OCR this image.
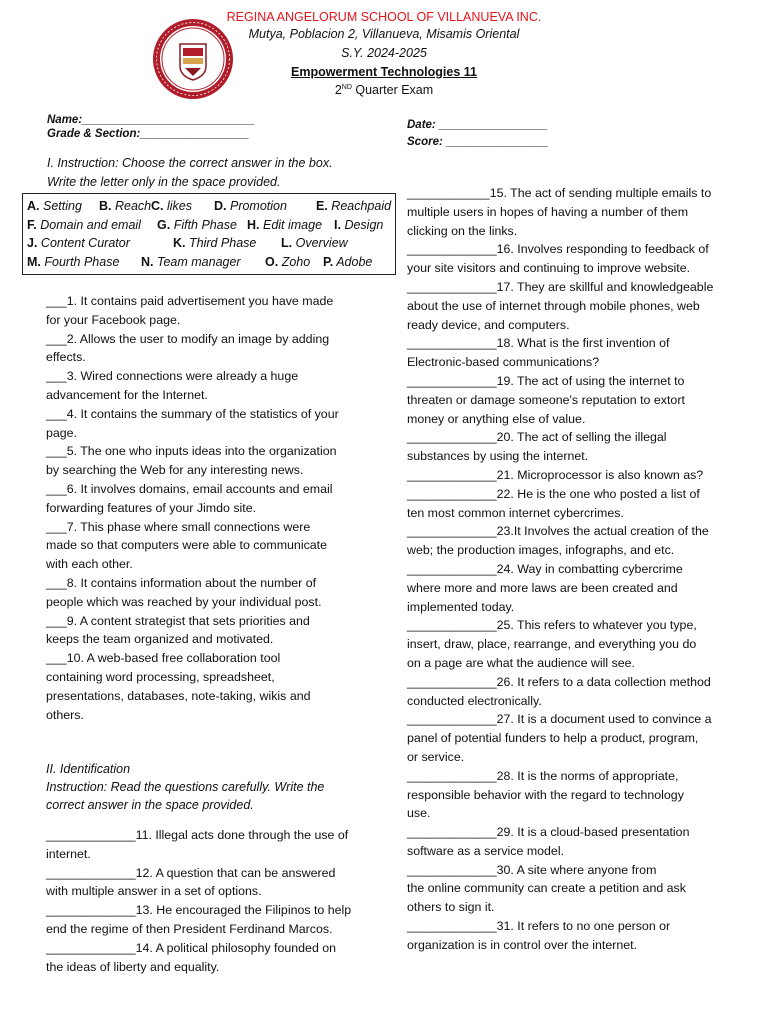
REGINA ANGELORUM SCHOOL OF VILLANUEVA INC.
Mutya, Poblacion 2, Villanueva, Misamis Oriental
S.Y. 2024-2025
Empowerment Technologies 11
2ND Quarter Exam
Name:___________________________
Grade & Section:_________________
Date: _________________
Score: ________________
I. Instruction: Choose the correct answer in the box.
Write the letter only in the space provided.
A. Setting B. Reach C. likes D. Promotion E. Reachpaid
F. Domain and email G. Fifth Phase H. Edit image I. Design
J. Content Curator	K. Third Phase L. Overview
M. Fourth Phase N. Team manager O. Zoho P. Adobe
___1. It contains paid advertisement you have made
for your Facebook page.
___2. Allows the user to modify an image by adding
effects.
___3. Wired connections were already a huge
advancement for the Internet.
___4. It contains the summary of the statistics of your
page.
___5. The one who inputs ideas into the organization
by searching the Web for any interesting news.
___6. It involves domains, email accounts and email
forwarding features of your Jimdo site.
___7. This phase where small connections were
made so that computers were able to communicate
with each other.
___8. It contains information about the number of
people which was reached by your individual post.
___9. A content strategist that sets priorities and
keeps the team organized and motivated.
___10. A web-based free collaboration tool
containing word processing, spreadsheet,
presentations, databases, note-taking, wikis and
others.
II. Identification
Instruction: Read the questions carefully. Write the
correct answer in the space provided.
_____________11. Illegal acts done through the use of
internet.
_____________12. A question that can be answered
with multiple answer in a set of options.
_____________13. He encouraged the Filipinos to help
end the regime of then President Ferdinand Marcos.
_____________14. A political philosophy founded on
the ideas of liberty and equality.
____________15. The act of sending multiple emails to
multiple users in hopes of having a number of them
clicking on the links.
_____________16. Involves responding to feedback of
your site visitors and continuing to improve website.
_____________17. They are skillful and knowledgeable
about the use of internet through mobile phones, web
ready device, and computers.
_____________18. What is the first invention of
Electronic-based communications?
_____________19. The act of using the internet to
threaten or damage someone's reputation to extort
money or anything else of value.
_____________20. The act of selling the illegal
substances by using the internet.
_____________21. Microprocessor is also known as?
_____________22. He is the one who posted a list of
ten most common internet cybercrimes.
_____________23.It Involves the actual creation of the
web; the production images, infographs, and etc.
_____________24. Way in combatting cybercrime
where more and more laws are been created and
implemented today.
_____________25. This refers to whatever you type,
insert, draw, place, rearrange, and everything you do
on a page are what the audience will see.
_____________26. It refers to a data collection method
conducted electronically.
_____________27. It is a document used to convince a
panel of potential funders to help a product, program,
or service.
_____________28. It is the norms of appropriate,
responsible behavior with the regard to technology
use.
_____________29. It is a cloud-based presentation
software as a service model.
_____________30. A site where anyone from
the online community can create a petition and ask
others to sign it.
_____________31. It refers to no one person or
organization is in control over the internet.
